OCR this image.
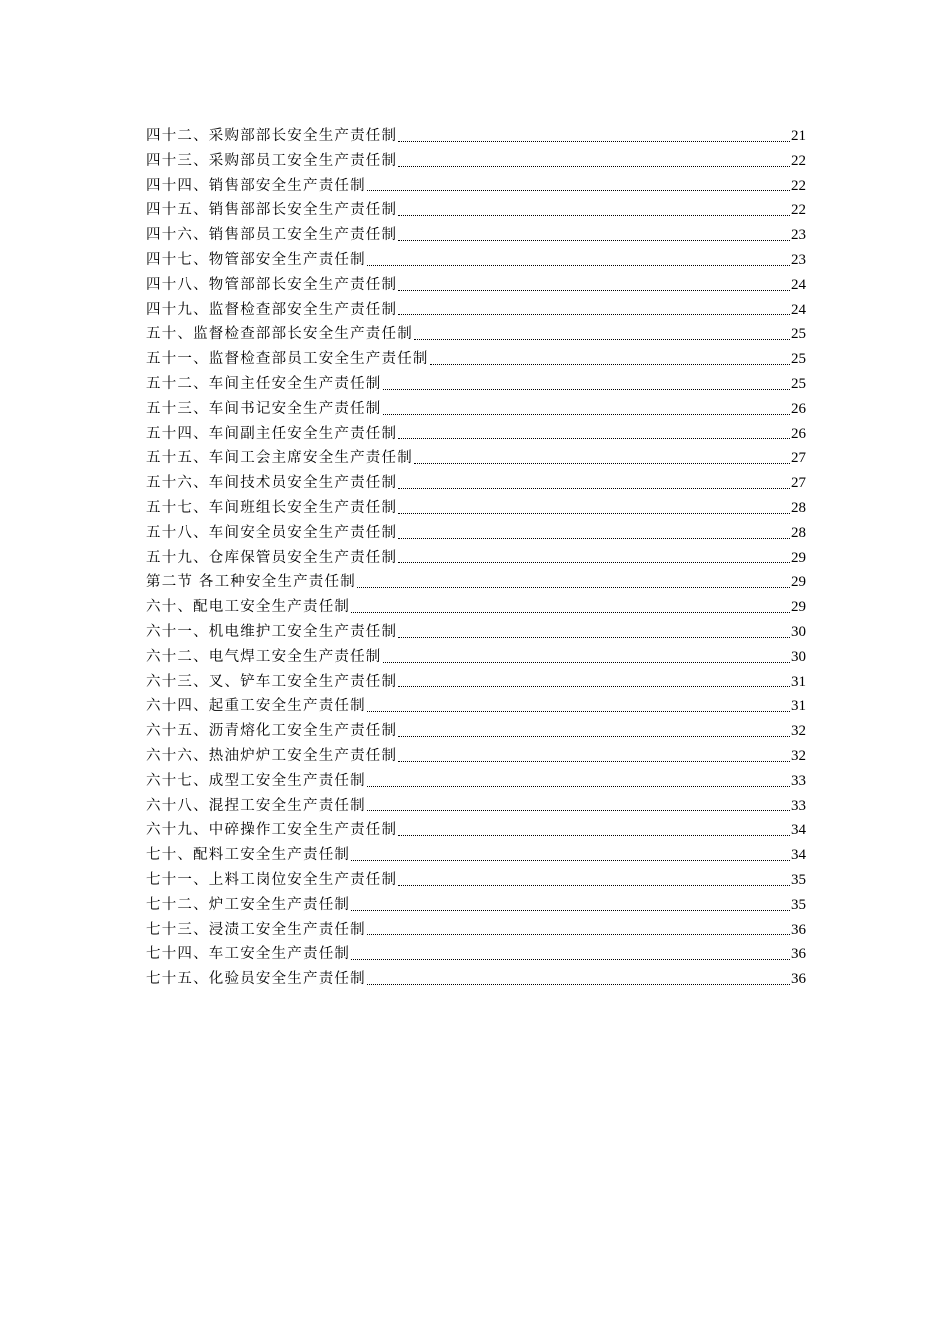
四十二、采购部部长安全生产责任制	21
四十三、采购部员工安全生产责任制	22
四十四、销售部安全生产责任制	22
四十五、销售部部长安全生产责任制	22
四十六、销售部员工安全生产责任制	23
四十七、物管部安全生产责任制	23
四十八、物管部部长安全生产责任制	24
四十九、监督检查部安全生产责任制	24
五十、监督检查部部长安全生产责任制	25
五十一、监督检查部员工安全生产责任制	25
五十二、车间主任安全生产责任制	25
五十三、车间书记安全生产责任制	26
五十四、车间副主任安全生产责任制	26
五十五、车间工会主席安全生产责任制	27
五十六、车间技术员安全生产责任制	27
五十七、车间班组长安全生产责任制	28
五十八、车间安全员安全生产责任制	28
五十九、仓库保管员安全生产责任制	29
第二节 各工种安全生产责任制	29
六十、配电工安全生产责任制	29
六十一、机电维护工安全生产责任制	30
六十二、电气焊工安全生产责任制	30
六十三、叉、铲车工安全生产责任制	31
六十四、起重工安全生产责任制	31
六十五、沥青熔化工安全生产责任制	32
六十六、热油炉炉工安全生产责任制	32
六十七、成型工安全生产责任制	33
六十八、混捏工安全生产责任制	33
六十九、中碎操作工安全生产责任制	34
七十、配料工安全生产责任制	34
七十一、上料工岗位安全生产责任制	35
七十二、炉工安全生产责任制	35
七十三、浸渍工安全生产责任制	36
七十四、车工安全生产责任制	36
七十五、化验员安全生产责任制	36
